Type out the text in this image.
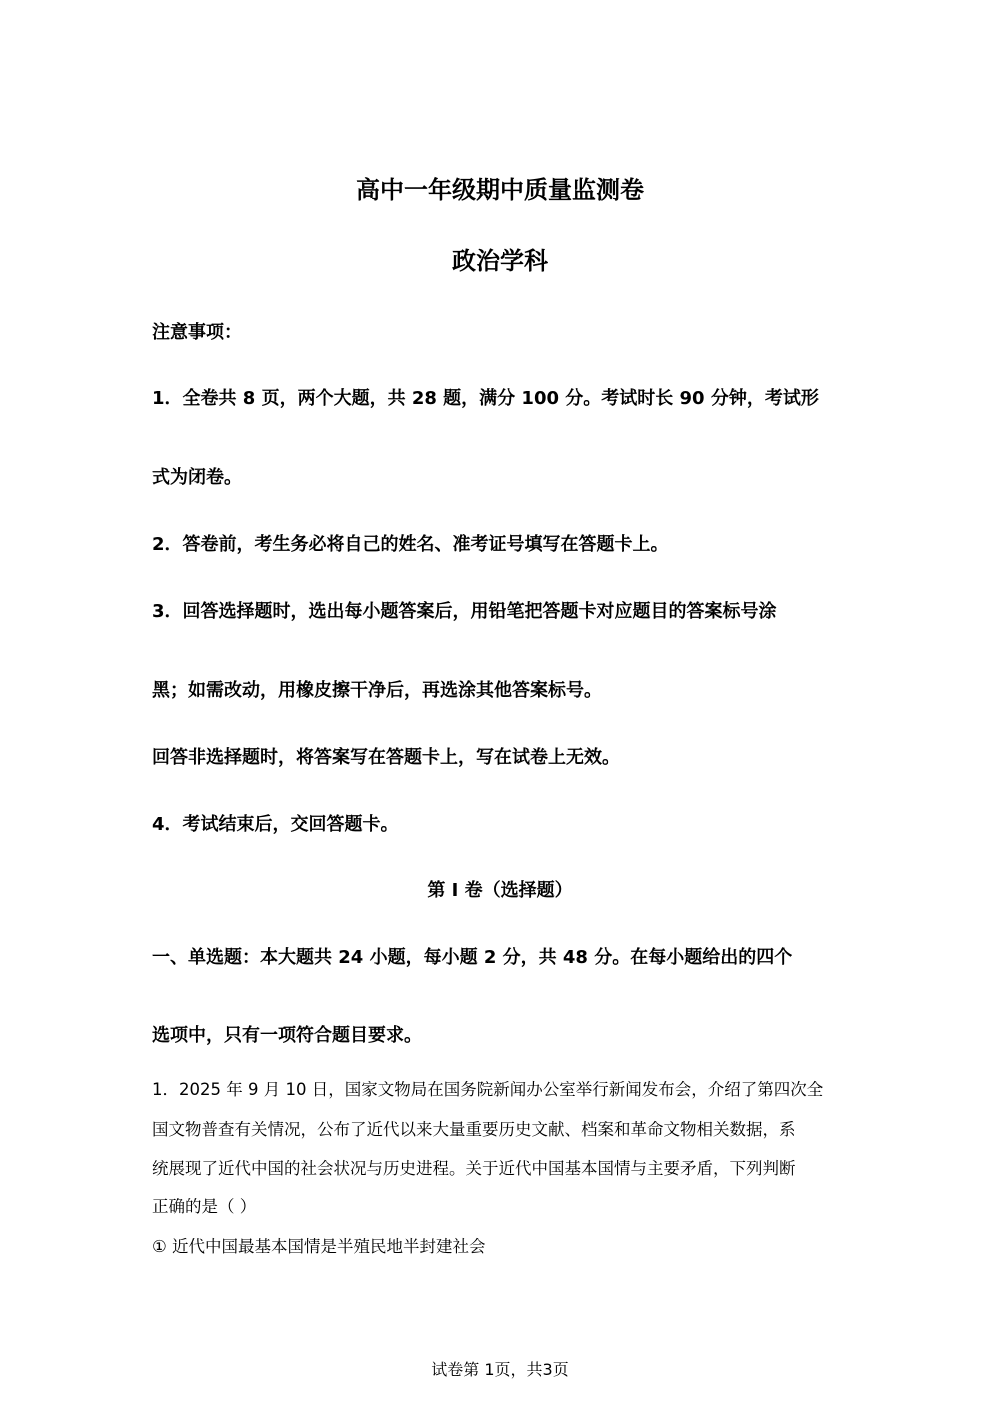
高中一年级期中质量监测卷
政治学科
注意事项：
1．全卷共 8 页，两个大题，共 28 题，满分 100 分。考试时长 90 分钟，考试形
式为闭卷。
2．答卷前，考生务必将自己的姓名、准考证号填写在答题卡上。
3．回答选择题时，选出每小题答案后，用铅笔把答题卡对应题目的答案标号涂
黑；如需改动，用橡皮擦干净后，再选涂其他答案标号。
回答非选择题时，将答案写在答题卡上，写在试卷上无效。
4．考试结束后，交回答题卡。
第 I 卷（选择题）
一、单选题：本大题共 24 小题，每小题 2 分，共 48 分。在每小题给出的四个
选项中，只有一项符合题目要求。
1．2025 年 9 月 10 日，国家文物局在国务院新闻办公室举行新闻发布会，介绍了第四次全
国文物普查有关情况，公布了近代以来大量重要历史文献、档案和革命文物相关数据，系
统展现了近代中国的社会状况与历史进程。关于近代中国基本国情与主要矛盾，下列判断
正确的是（ ）
① 近代中国最基本国情是半殖民地半封建社会
试卷第 1页，共3页
